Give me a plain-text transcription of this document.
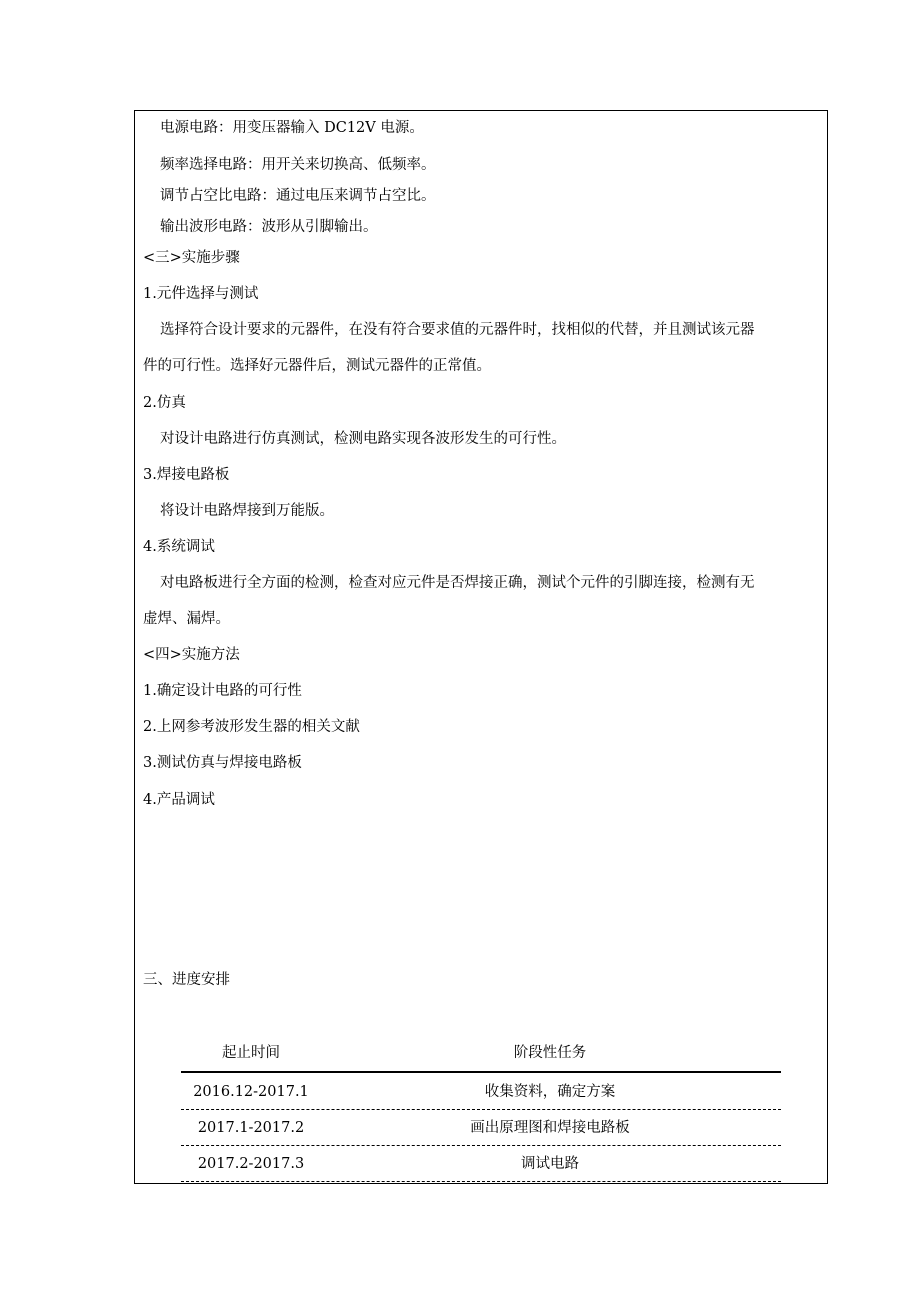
电源电路：用变压器输入 DC12V 电源。
频率选择电路：用开关来切换高、低频率。
调节占空比电路：通过电压来调节占空比。
输出波形电路：波形从引脚输出。
<三>实施步骤
1.元件选择与测试
选择符合设计要求的元器件，在没有符合要求值的元器件时，找相似的代替，并且测试该元器
件的可行性。选择好元器件后，测试元器件的正常值。
2.仿真
对设计电路进行仿真测试，检测电路实现各波形发生的可行性。
3.焊接电路板
将设计电路焊接到万能版。
4.系统调试
对电路板进行全方面的检测，检查对应元件是否焊接正确，测试个元件的引脚连接，检测有无
虚焊、漏焊。
<四>实施方法
1.确定设计电路的可行性
2.上网参考波形发生器的相关文献
3.测试仿真与焊接电路板
4.产品调试
三、进度安排
起止时间	阶段性任务
2016.12-2017.1	收集资料，确定方案
2017.1-2017.2	画出原理图和焊接电路板
2017.2-2017.3	调试电路
